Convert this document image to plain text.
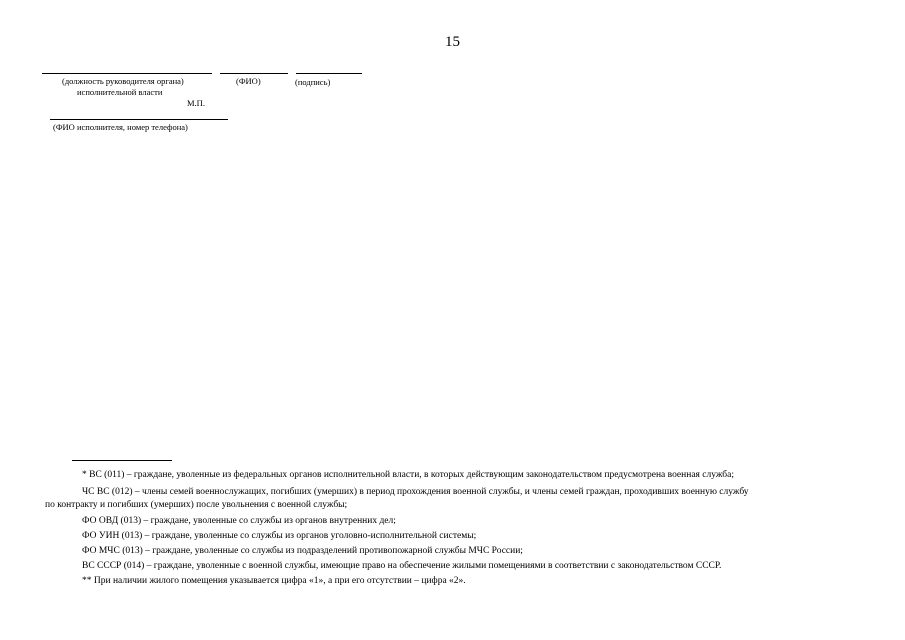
15
(должность руководителя органа)	(ФИО)	(подпись)
исполнительной власти
М.П.
(ФИО исполнителя, номер телефона)
* ВС (011) – граждане, уволенные из федеральных органов исполнительной власти, в которых действующим законодательством предусмотрена военная служба;
ЧС ВС (012) – члены семей военнослужащих, погибших (умерших) в период прохождения военной службы, и члены семей граждан, проходивших военную службу
по контракту и погибших (умерших) после увольнения с военной службы;
ФО ОВД (013) – граждане, уволенные со службы из органов внутренних дел;
ФО УИН (013) – граждане, уволенные со службы из органов уголовно-исполнительной системы;
ФО МЧС (013) – граждане, уволенные со службы из подразделений противопожарной службы МЧС России;
ВС СССР (014) – граждане, уволенные с военной службы, имеющие право на обеспечение жилыми помещениями в соответствии с законодательством СССР.
** При наличии жилого помещения указывается цифра «1», а при его отсутствии – цифра «2».
